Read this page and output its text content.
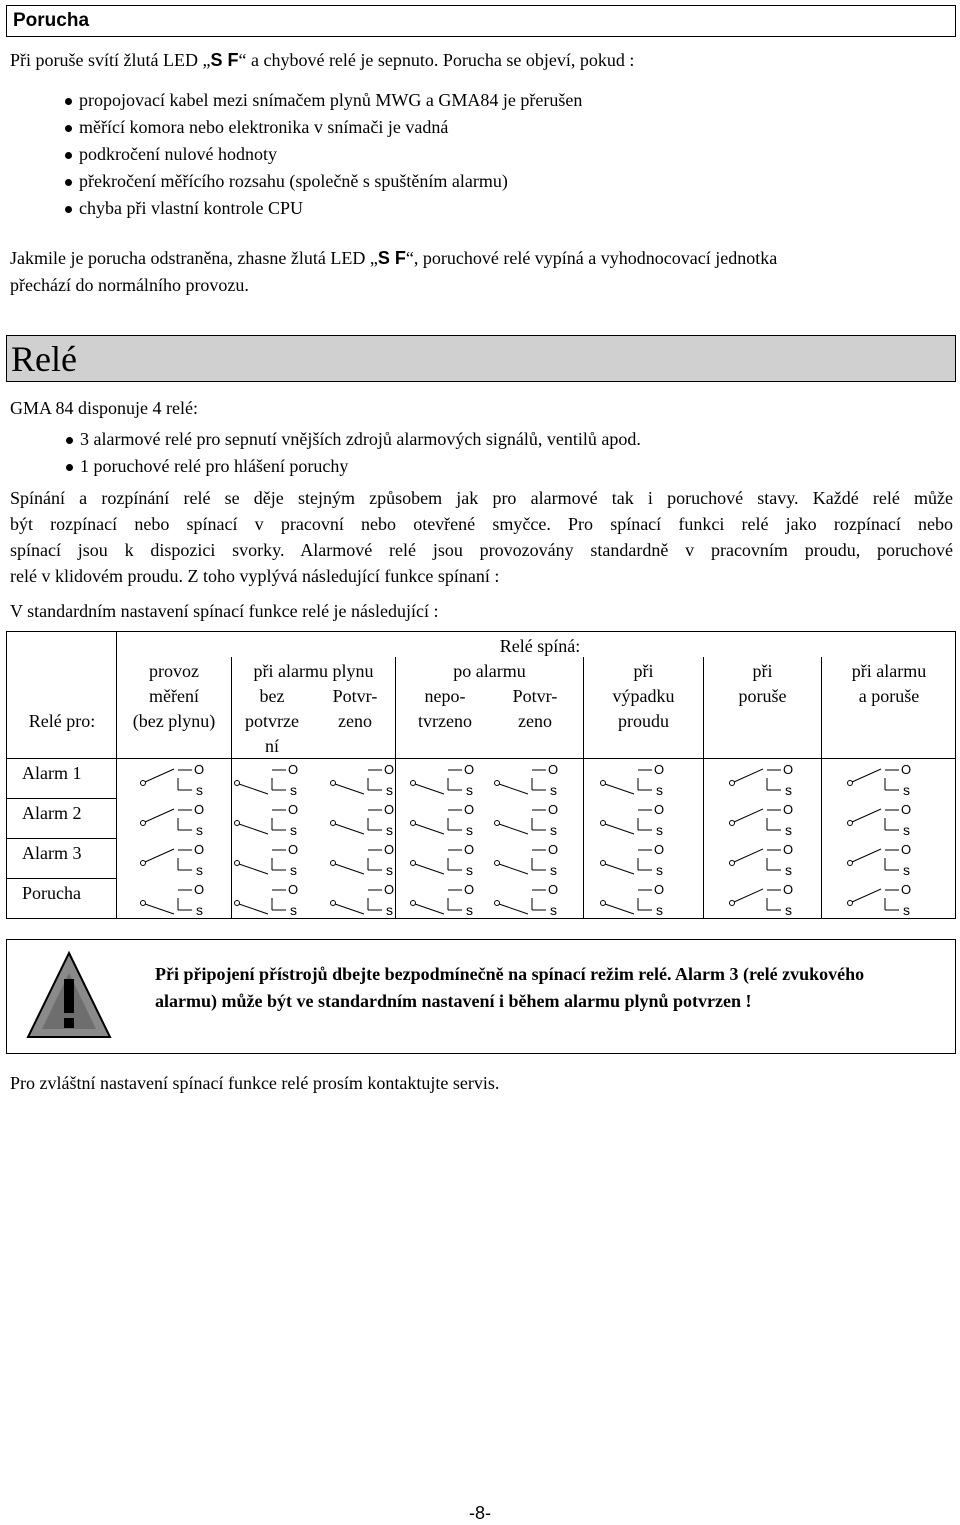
Porucha
Při poruše svítí žlutá LED „S F“ a chybové relé je sepnuto. Porucha se objeví, pokud :
propojovací kabel mezi snímačem plynů MWG a GMA84 je přerušen
měřící komora nebo elektronika v snímači je vadná
podkročení nulové hodnoty
překročení měřícího rozsahu (společně s spuštěním alarmu)
chyba při vlastní kontrole CPU
Jakmile je porucha odstraněna, zhasne žlutá LED „S F“, poruchové relé vypíná a vyhodnocovací jednotka
přechází do normálního provozu.
Relé
GMA 84 disponuje 4 relé:
3 alarmové relé pro sepnutí vnějších zdrojů alarmových signálů, ventilů apod.
1 poruchové relé pro hlášení poruchy
Spínání a rozpínání relé se děje stejným způsobem jak pro alarmové tak i poruchové stavy. Každé relé může
být rozpínací nebo spínací v pracovní nebo otevřené smyčce. Pro spínací funkci relé jako rozpínací nebo
spínací jsou k dispozici svorky. Alarmové relé jsou provozovány standardně v pracovním proudu, poruchové
relé v klidovém proudu. Z toho vyplývá následující funkce spínaní :
V standardním nastavení spínací funkce relé je následující :
Relé spíná:
Relé pro:
provoz
měření
(bez plynu)
při alarmu plynu
bez
potvrze
ní
Potvr-
zeno
po alarmu
nepo-
tvrzeno
Potvr-
zeno
při
výpadku
proudu
při
poruše
při alarmu
a poruše
Alarm 1
Alarm 2
Alarm 3
Porucha
Ö
s
Ö
s
Ö
s
Ö
s
Ö
s
Ö
s
Ö
s
Ö
s
Ö
s
Ö
s
Ö
s
Ö
s
Ö
s
Ö
s
Ö
s
Ö
s
Ö
s
Ö
s
Ö
s
Ö
s
Ö
s
Ö
s
Ö
s
Ö
s
Ö
s
Ö
s
Ö
s
Ö
s
Ö
s
Ö
s
Ö
s
Ö
s
Při připojení přístrojů dbejte bezpodmínečně na spínací režim relé. Alarm 3 (relé zvukového alarmu) může být ve standardním nastavení i během alarmu plynů potvrzen !
Pro zvláštní nastavení spínací funkce relé prosím kontaktujte servis.
-8-
